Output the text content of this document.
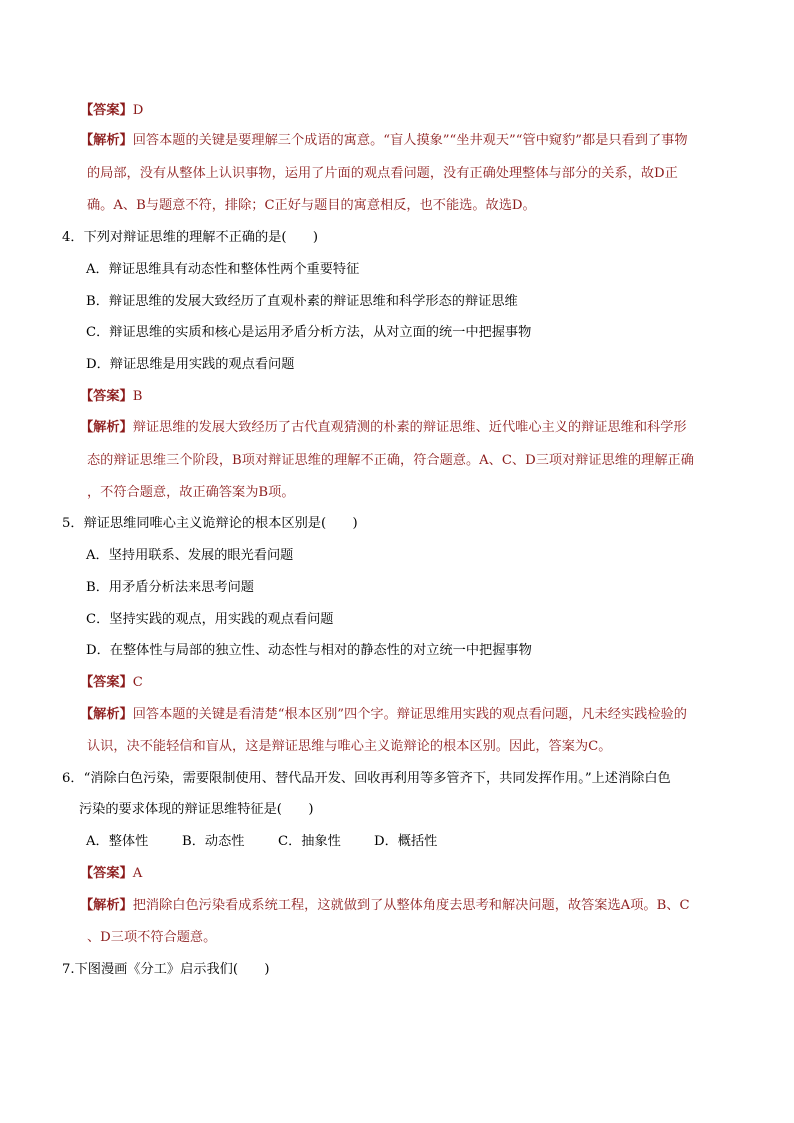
【答案】D
【解析】回答本题的关键是要理解三个成语的寓意。“盲人摸象”“坐井观天”“管中窥豹”都是只看到了事物
的局部，没有从整体上认识事物，运用了片面的观点看问题，没有正确处理整体与部分的关系，故D正
确。A、B与题意不符，排除；C正好与题目的寓意相反，也不能选。故选D。
4．下列对辩证思维的理解不正确的是(　　)
A．辩证思维具有动态性和整体性两个重要特征
B．辩证思维的发展大致经历了直观朴素的辩证思维和科学形态的辩证思维
C．辩证思维的实质和核心是运用矛盾分析方法，从对立面的统一中把握事物
D．辩证思维是用实践的观点看问题
【答案】B
【解析】辩证思维的发展大致经历了古代直观猜测的朴素的辩证思维、近代唯心主义的辩证思维和科学形
态的辩证思维三个阶段，B项对辩证思维的理解不正确，符合题意。A、C、D三项对辩证思维的理解正确
，不符合题意，故正确答案为B项。
5．辩证思维同唯心主义诡辩论的根本区别是(　　)
A．坚持用联系、发展的眼光看问题
B．用矛盾分析法来思考问题
C．坚持实践的观点，用实践的观点看问题
D．在整体性与局部的独立性、动态性与相对的静态性的对立统一中把握事物
【答案】C
【解析】回答本题的关键是看清楚“根本区别”四个字。辩证思维用实践的观点看问题，凡未经实践检验的
认识，决不能轻信和盲从，这是辩证思维与唯心主义诡辩论的根本区别。因此，答案为C。
6．“消除白色污染，需要限制使用、替代品开发、回收再利用等多管齐下，共同发挥作用。”上述消除白色
污染的要求体现的辩证思维特征是(　　)
A．整体性	B．动态性	C．抽象性	D．概括性
【答案】A
【解析】把消除白色污染看成系统工程，这就做到了从整体角度去思考和解决问题，故答案选A项。B、C
、D三项不符合题意。
7.下图漫画《分工》启示我们(　　)
